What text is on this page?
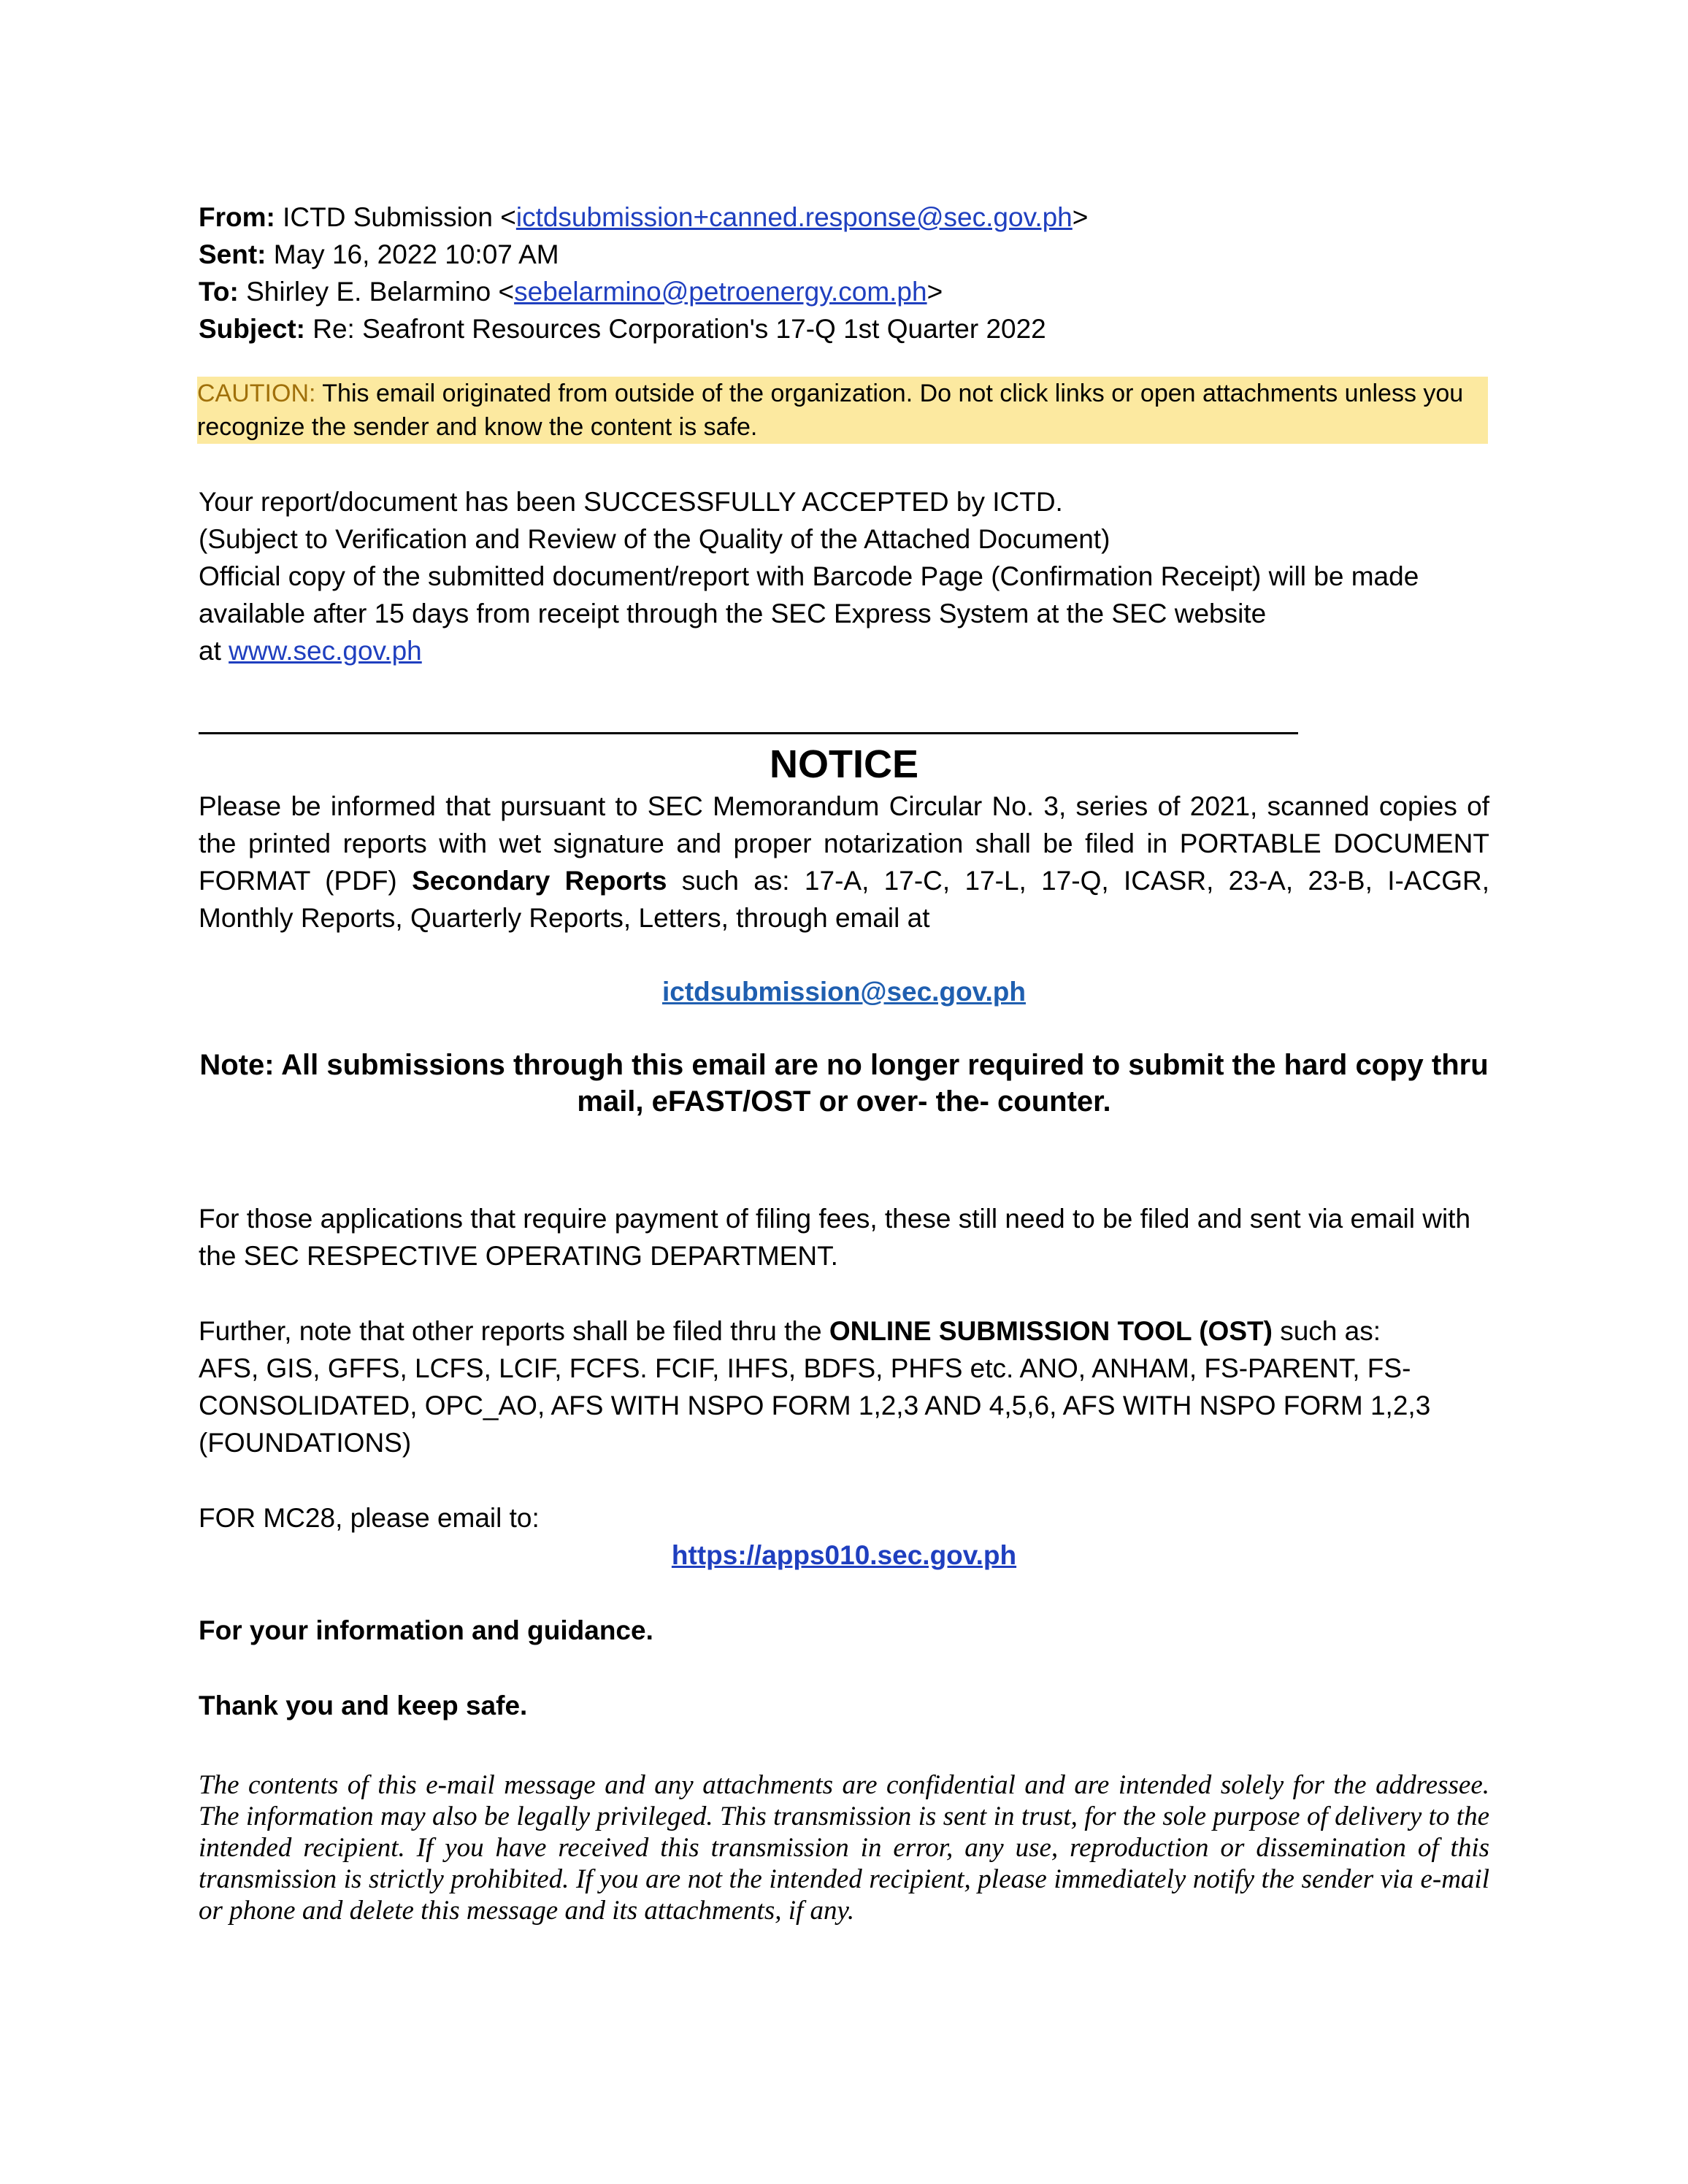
From: ICTD Submission <ictdsubmission+canned.response@sec.gov.ph>

Sent: May 16, 2022 10:07 AM

To: Shirley E. Belarmino <sebelarmino@petroenergy.com.ph>

Subject: Re: Seafront Resources Corporation's 17-Q 1st Quarter 2022

CAUTION: This email originated from outside of the organization. Do not click links or open attachments unless you recognize the sender and know the content is safe.

Your report/document has been SUCCESSFULLY ACCEPTED by ICTD.

(Subject to Verification and Review of the Quality of the Attached Document)

Official copy of the submitted document/report with Barcode Page (Confirmation Receipt) will be made available after 15 days from receipt through the SEC Express System at the SEC website

at www.sec.gov.ph

NOTICE

Please be informed that pursuant to SEC Memorandum Circular No. 3, series of 2021, scanned copies of the printed reports with wet signature and proper notarization shall be filed in PORTABLE DOCUMENT FORMAT (PDF) Secondary Reports such as: 17-A, 17-C, 17-L, 17-Q, ICASR, 23-A, 23-B, I-ACGR, Monthly Reports, Quarterly Reports, Letters, through email at

ictdsubmission@sec.gov.ph
Note: All submissions through this email are no longer required to submit the hard copy thru mail, eFAST/OST or over- the- counter.

For those applications that require payment of filing fees, these still need to be filed and sent via email with the SEC RESPECTIVE OPERATING DEPARTMENT.

Further, note that other reports shall be filed thru the ONLINE SUBMISSION TOOL (OST) such as:

AFS, GIS, GFFS, LCFS, LCIF, FCFS. FCIF, IHFS, BDFS, PHFS etc. ANO, ANHAM, FS-PARENT, FS-CONSOLIDATED, OPC_AO, AFS WITH NSPO FORM 1,2,3 AND 4,5,6, AFS WITH NSPO FORM 1,2,3 (FOUNDATIONS)

FOR MC28, please email to:

https://apps010.sec.gov.ph

For your information and guidance.

Thank you and keep safe.

The contents of this e-mail message and any attachments are confidential and are intended solely for the addressee. The information may also be legally privileged. This transmission is sent in trust, for the sole purpose of delivery to the intended recipient. If you have received this transmission in error, any use, reproduction or dissemination of this transmission is strictly prohibited. If you are not the intended recipient, please immediately notify the sender via e-mail or phone and delete this message and its attachments, if any.
